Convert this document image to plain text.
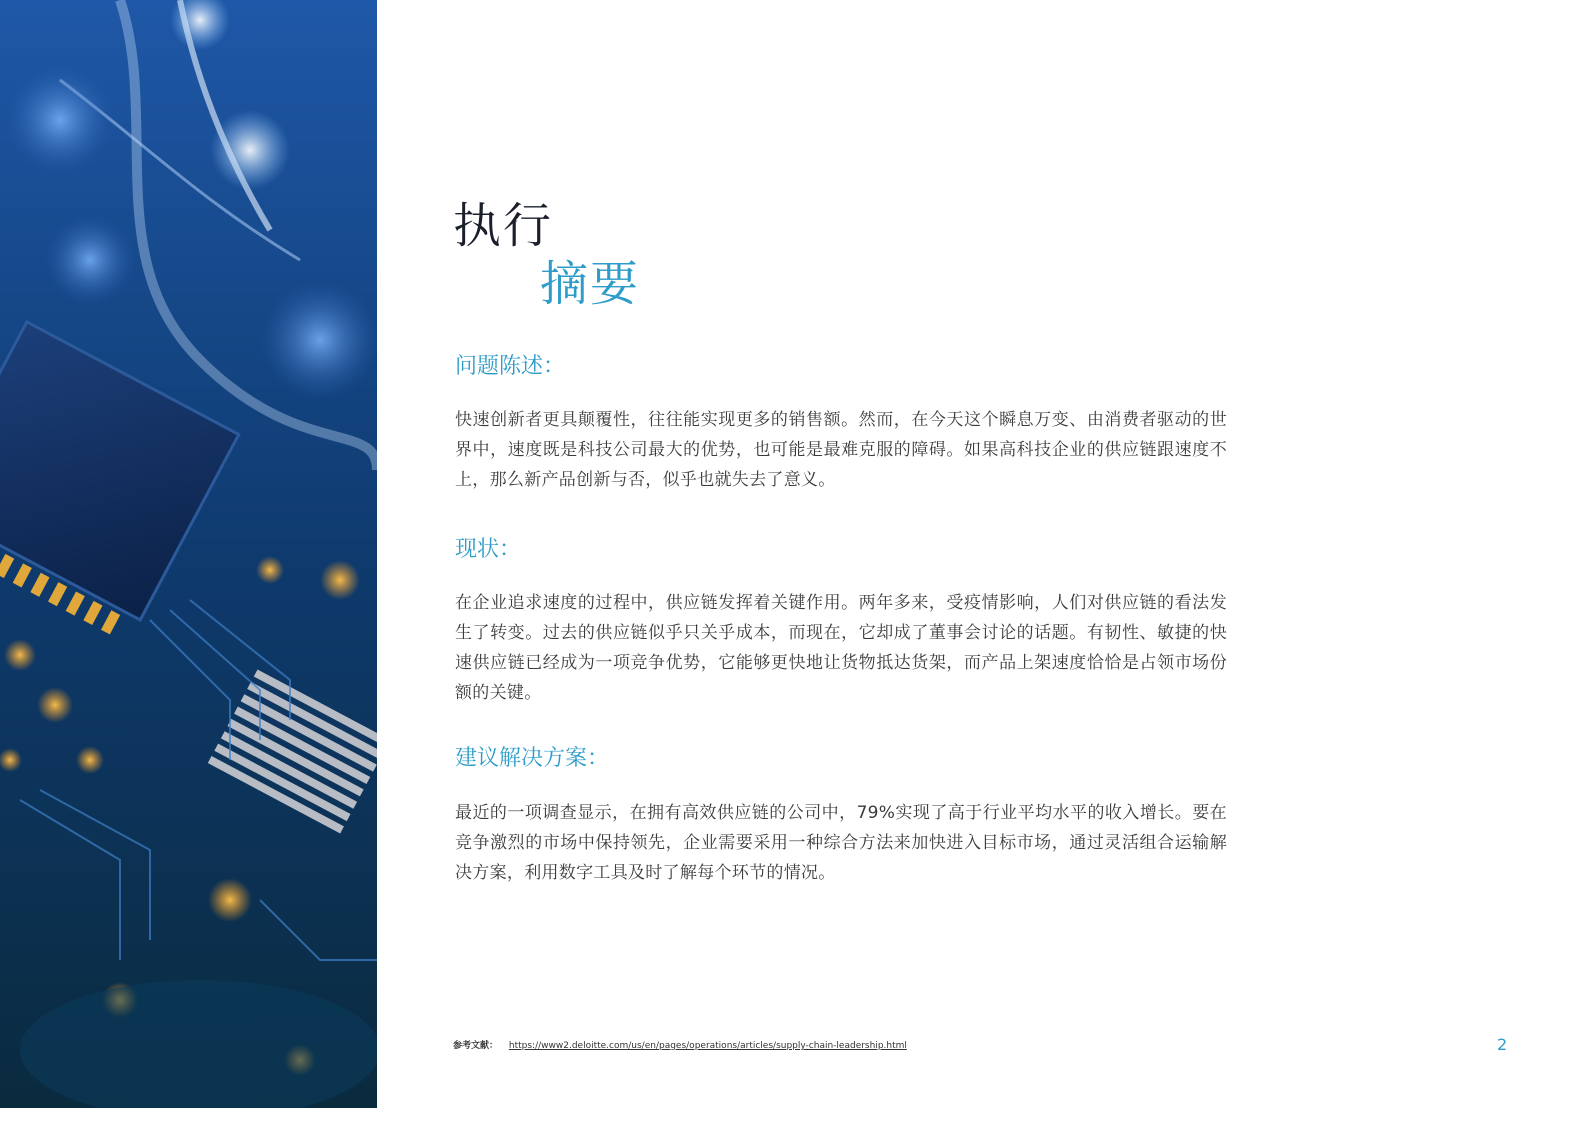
执行
摘要
问题陈述：
快速创新者更具颠覆性，往往能实现更多的销售额。然而，在今天这个瞬息万变、由消费者驱动的世界中，速度既是科技公司最大的优势，也可能是最难克服的障碍。如果高科技企业的供应链跟速度不上，那么新产品创新与否，似乎也就失去了意义。
现状：
在企业追求速度的过程中，供应链发挥着关键作用。两年多来，受疫情影响，人们对供应链的看法发生了转变。过去的供应链似乎只关乎成本，而现在，它却成了董事会讨论的话题。有韧性、敏捷的快速供应链已经成为一项竞争优势，它能够更快地让货物抵达货架，而产品上架速度恰恰是占领市场份额的关键。
建议解决方案：
最近的一项调查显示，在拥有高效供应链的公司中，79%实现了高于行业平均水平的收入增长。要在竞争激烈的市场中保持领先，企业需要采用一种综合方法来加快进入目标市场，通过灵活组合运输解决方案，利用数字工具及时了解每个环节的情况。
参考文献： https://www2.deloitte.com/us/en/pages/operations/articles/supply-chain-leadership.html	2
